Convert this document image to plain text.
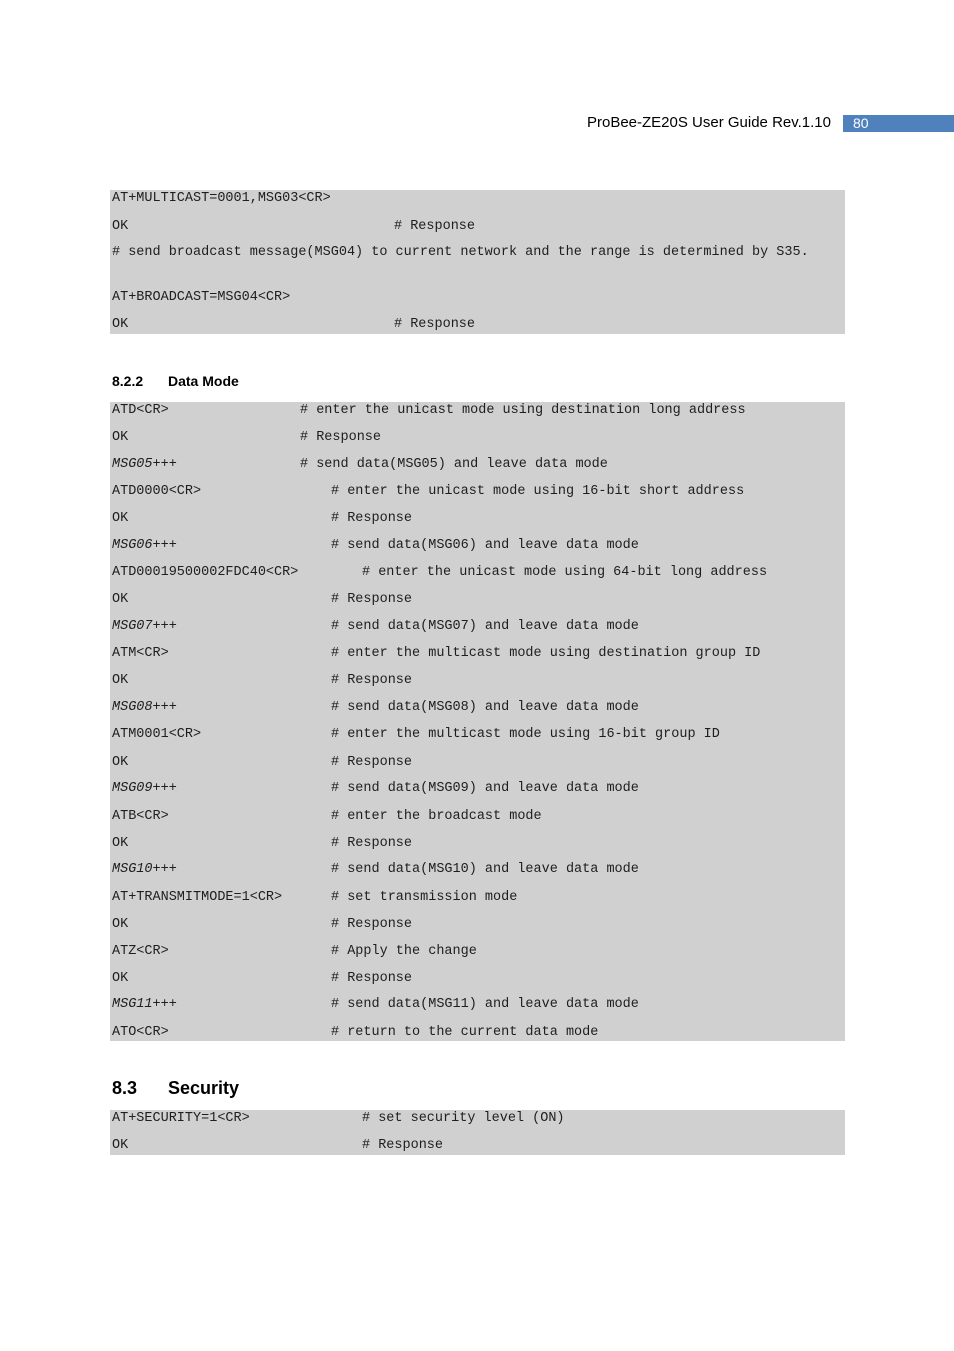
ProBee-ZE20S User Guide Rev.1.10	80
AT+MULTICAST=0001,MSG03<CR>
OK	# Response
# send broadcast message(MSG04) to current network and the range is determined by S35.
AT+BROADCAST=MSG04<CR>
OK	# Response
8.2.2 Data Mode
ATD<CR>	# enter the unicast mode using destination long address
OK	# Response
MSG05+++	# send data(MSG05) and leave data mode
ATD0000<CR>	# enter the unicast mode using 16-bit short address
OK	# Response
MSG06+++	# send data(MSG06) and leave data mode
ATD00019500002FDC40<CR>	# enter the unicast mode using 64-bit long address
OK	# Response
MSG07+++	# send data(MSG07) and leave data mode
ATM<CR>	# enter the multicast mode using destination group ID
OK	# Response
MSG08+++	# send data(MSG08) and leave data mode
ATM0001<CR>	# enter the multicast mode using 16-bit group ID
OK	# Response
MSG09+++	# send data(MSG09) and leave data mode
ATB<CR>	# enter the broadcast mode
OK	# Response
MSG10+++	# send data(MSG10) and leave data mode
AT+TRANSMITMODE=1<CR>	# set transmission mode
OK	# Response
ATZ<CR>	# Apply the change
OK	# Response
MSG11+++	# send data(MSG11) and leave data mode
ATO<CR>	# return to the current data mode
8.3 Security
AT+SECURITY=1<CR>	# set security level (ON)
OK	# Response
